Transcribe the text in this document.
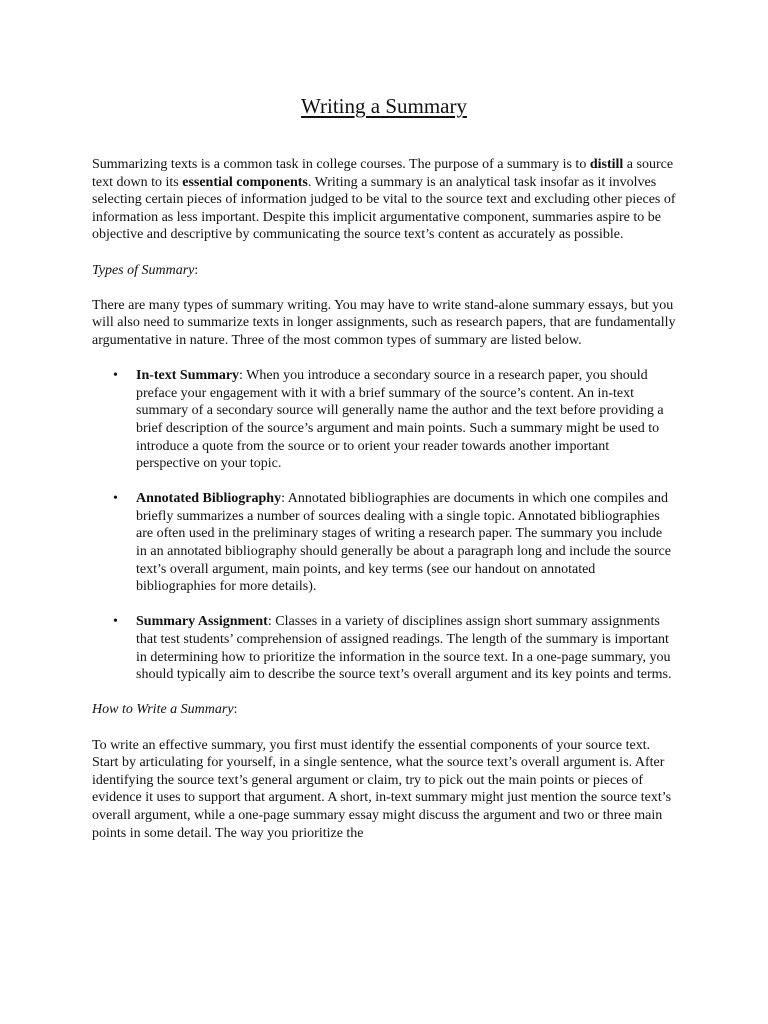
Writing a Summary

Summarizing texts is a common task in college courses. The purpose of a summary is to distill a source text down to its essential components. Writing a summary is an analytical task insofar as it involves selecting certain pieces of information judged to be vital to the source text and excluding other pieces of information as less important. Despite this implicit argumentative component, summaries aspire to be objective and descriptive by communicating the source text’s content as accurately as possible.

Types of Summary:

There are many types of summary writing. You may have to write stand-alone summary essays, but you will also need to summarize texts in longer assignments, such as research papers, that are fundamentally argumentative in nature. Three of the most common types of summary are listed below.

• In-text Summary: When you introduce a secondary source in a research paper, you should preface your engagement with it with a brief summary of the source’s content. An in-text summary of a secondary source will generally name the author and the text before providing a brief description of the source’s argument and main points. Such a summary might be used to introduce a quote from the source or to orient your reader towards another important perspective on your topic.
• Annotated Bibliography: Annotated bibliographies are documents in which one compiles and briefly summarizes a number of sources dealing with a single topic. Annotated bibliographies are often used in the preliminary stages of writing a research paper. The summary you include in an annotated bibliography should generally be about a paragraph long and include the source text’s overall argument, main points, and key terms (see our handout on annotated bibliographies for more details).
• Summary Assignment: Classes in a variety of disciplines assign short summary assignments that test students’ comprehension of assigned readings. The length of the summary is important in determining how to prioritize the information in the source text. In a one-page summary, you should typically aim to describe the source text’s overall argument and its key points and terms.

How to Write a Summary:

To write an effective summary, you first must identify the essential components of your source text. Start by articulating for yourself, in a single sentence, what the source text’s overall argument is. After identifying the source text’s general argument or claim, try to pick out the main points or pieces of evidence it uses to support that argument. A short, in-text summary might just mention the source text’s overall argument, while a one-page summary essay might discuss the argument and two or three main points in some detail. The way you prioritize the
